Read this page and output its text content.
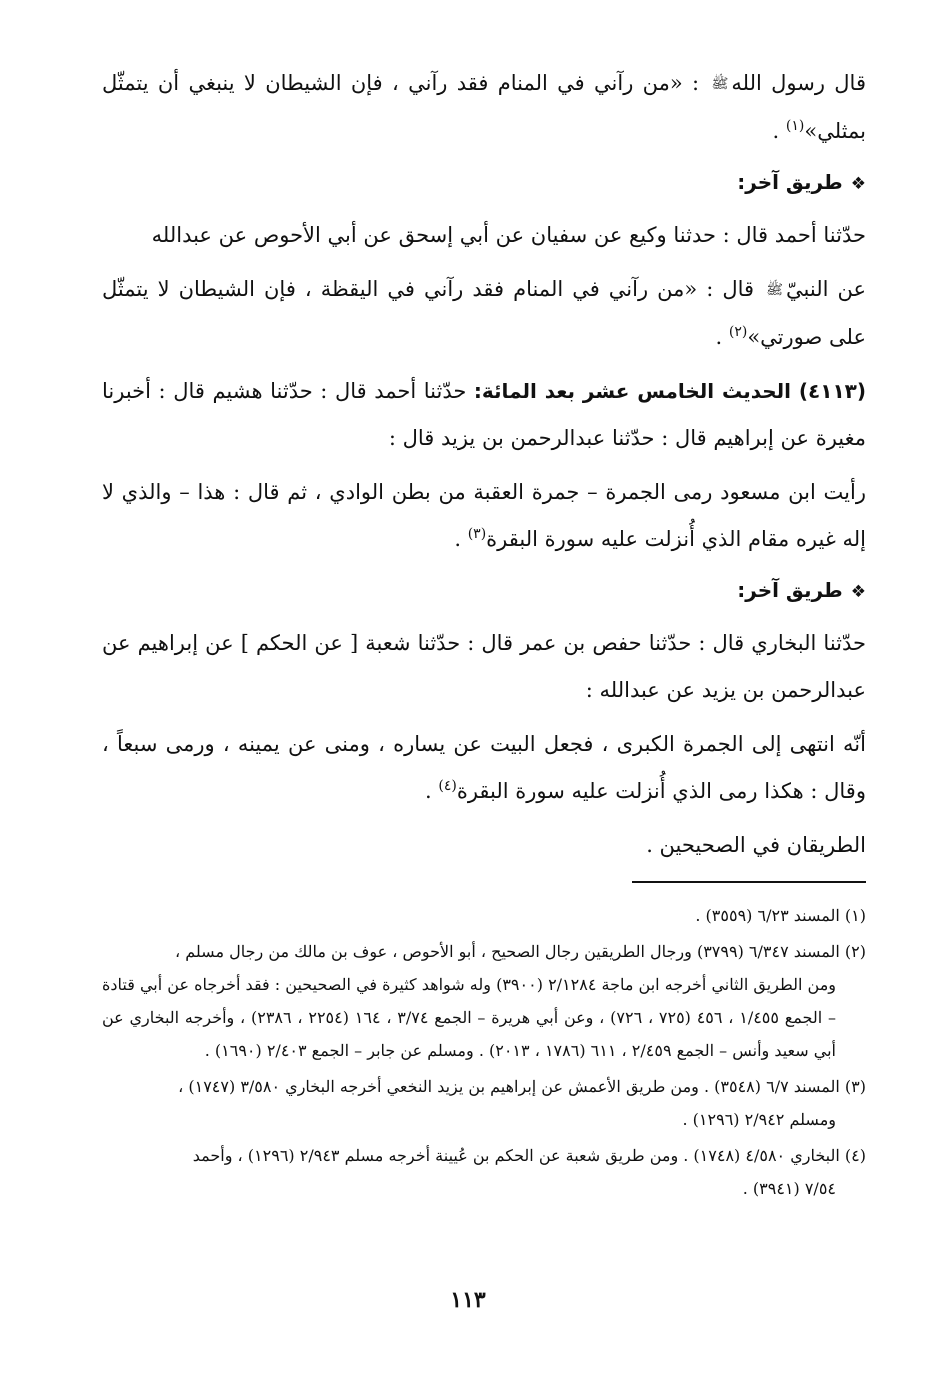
قال رسول اللهﷺ : «من رآني في المنام فقد رآني ، فإن الشيطان لا ينبغي أن يتمثّل بمثلي»$^{(١)}$ .

❖طريق آخر:

حدّثنا أحمد قال : حدثنا وكيع عن سفيان عن أبي إسحق عن أبي الأحوص عن عبدالله

عن النبيّﷺ قال : «من رآني في المنام فقد رآني في اليقظة ، فإن الشيطان لا يتمثّل على صورتي»$^{(٢)}$ .

(٤١١٣) الحديث الخامس عشر بعد المائة: حدّثنا أحمد قال : حدّثنا هشيم قال : أخبرنا مغيرة عن إبراهيم قال : حدّثنا عبدالرحمن بن يزيد قال :

رأيت ابن مسعود رمى الجمرة – جمرة العقبة من بطن الوادي ، ثم قال : هذا – والذي لا إله غيره مقام الذي أُنزلت عليه سورة البقرة$^{(٣)}$ .

❖طريق آخر:

حدّثنا البخاري قال : حدّثنا حفص بن عمر قال : حدّثنا شعبة [ عن الحكم ] عن إبراهيم عن عبدالرحمن بن يزيد عن عبدالله :

أنّه انتهى إلى الجمرة الكبرى ، فجعل البيت عن يساره ، ومنى عن يمينه ، ورمى سبعاً ، وقال : هكذا رمى الذي أُنزلت عليه سورة البقرة$^{(٤)}$ .

الطريقان في الصحيحين .

(١) المسند ٦/٢٣ (٣٥٥٩) .

(٢) المسند ٦/٣٤٧ (٣٧٩٩) ورجال الطريقين رجال الصحيح ، أبو الأحوص ، عوف بن مالك من رجال مسلم ،
ومن الطريق الثاني أخرجه ابن ماجة ٢/١٢٨٤ (٣٩٠٠) وله شواهد كثيرة في الصحيحين : فقد أخرجاه عن أبي قتادة – الجمع ١/٤٥٥ ، ٤٥٦ (٧٢٥ ، ٧٢٦) ، وعن أبي هريرة – الجمع ٣/٧٤ ، ١٦٤ (٢٢٥٤ ، ٢٣٨٦) ، وأخرجه البخاري عن أبي سعيد وأنس – الجمع ٢/٤٥٩ ، ٦١١ (١٧٨٦ ، ٢٠١٣) . ومسلم عن جابر – الجمع ٢/٤٠٣ (١٦٩٠) .

(٣) المسند ٦/٧ (٣٥٤٨) . ومن طريق الأعمش عن إبراهيم بن يزيد النخعي أخرجه البخاري ٣/٥٨٠ (١٧٤٧) ،
ومسلم ٢/٩٤٢ (١٢٩٦) .

(٤) البخاري ٤/٥٨٠ (١٧٤٨) . ومن طريق شعبة عن الحكم بن عُيينة أخرجه مسلم ٢/٩٤٣ (١٢٩٦) ، وأحمد
٧/٥٤ (٣٩٤١) .

١١٣
